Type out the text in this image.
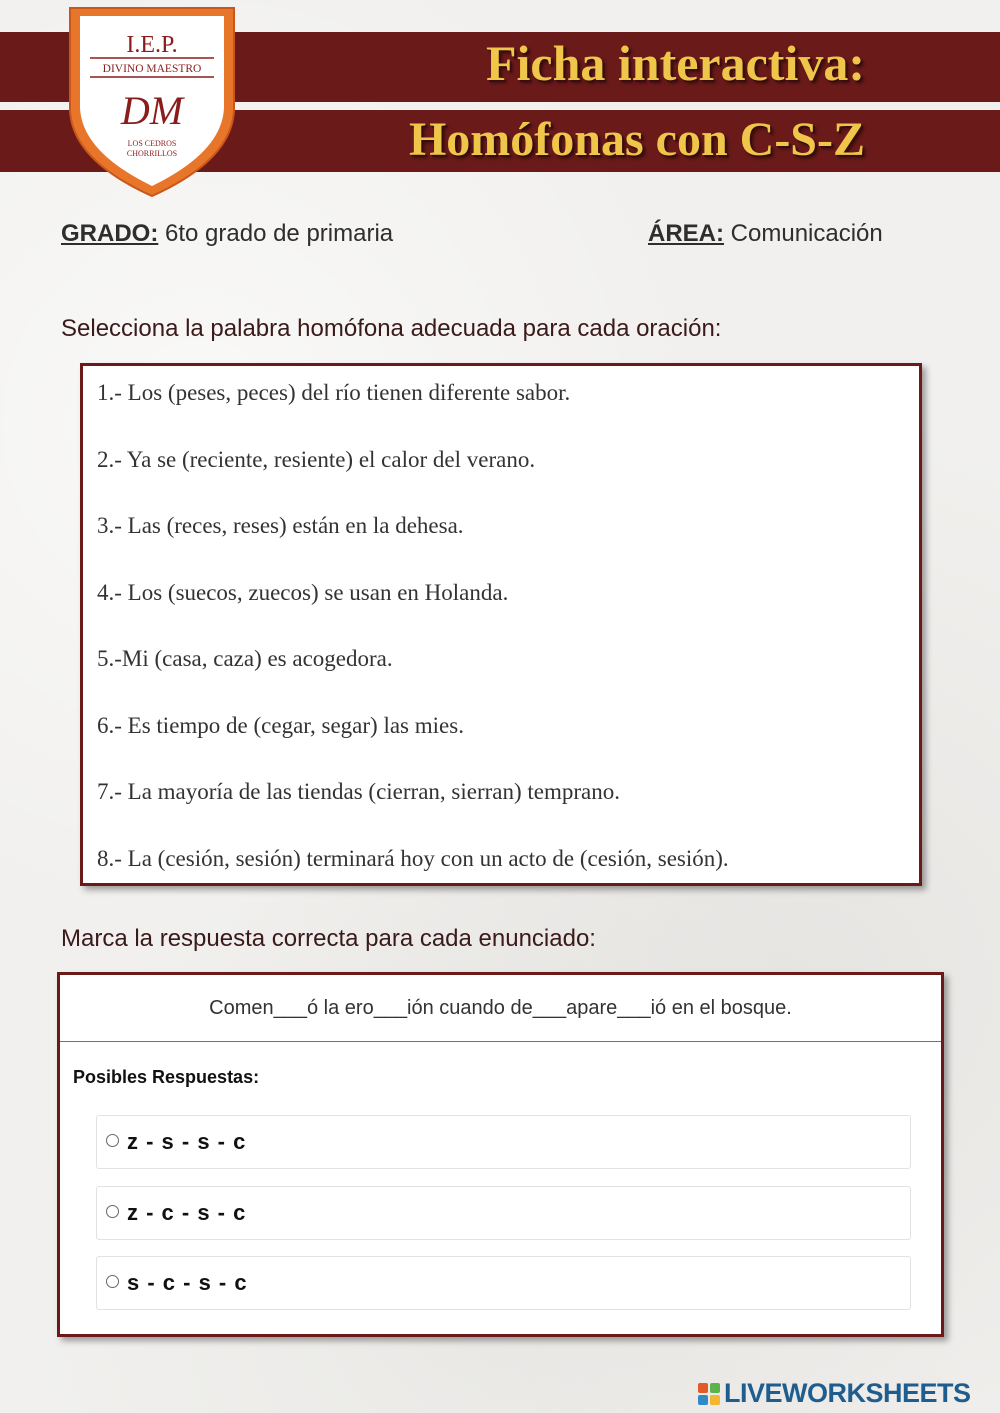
Ficha interactiva:
Homófonas con C-S-Z
I.E.P.
DIVINO MAESTRO
DM
LOS CEDROS
CHORRILLOS
GRADO: 6to grado de primaria	ÁREA: Comunicación

Selecciona la palabra homófona adecuada para cada oración:

1.- Los (peses, peces) del río tienen diferente sabor.
2.- Ya se (reciente, resiente) el calor del verano.
3.- Las (reces, reses) están en la dehesa.
4.- Los (suecos, zuecos) se usan en Holanda.
5.-Mi (casa, caza) es acogedora.
6.- Es tiempo de (cegar, segar) las mies.
7.- La mayoría de las tiendas (cierran, sierran) temprano.
8.- La (cesión, sesión) terminará hoy con un acto de (cesión, sesión).

Marca la respuesta correcta para cada enunciado:

Comen___ó la ero___ión cuando de___apare___ió en el bosque.
Posibles Respuestas:
z - s - s - c
z - c - s - c
s - c - s - c
LIVEWORKSHEETS
